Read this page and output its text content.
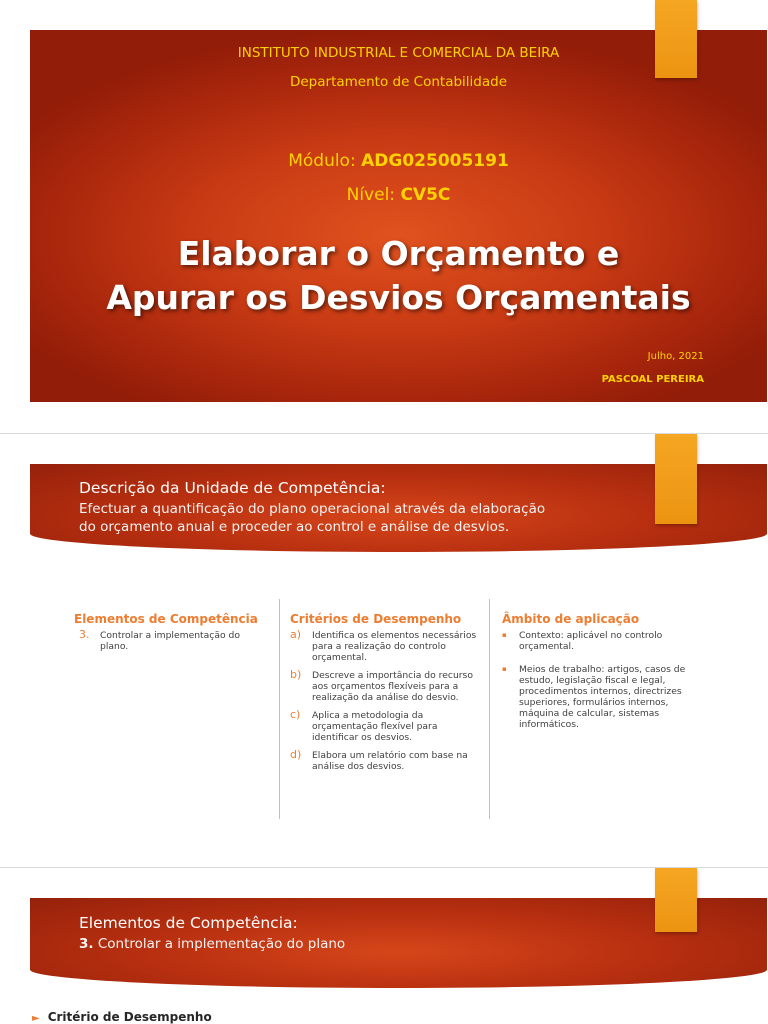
INSTITUTO INDUSTRIAL E COMERCIAL DA BEIRA
Departamento de Contabilidade
Módulo: ADG025005191
Nível: CV5C
Elaborar o Orçamento e
Apurar os Desvios Orçamentais
Julho, 2021
PASCOAL PEREIRA
Descrição da Unidade de Competência:
Efectuar a quantificação do plano operacional através da elaboração
do orçamento anual e proceder ao control e análise de desvios.
Elementos de Competência
3. Controlar a implementação do plano.
Critérios de Desempenho
a) Identifica os elementos necessários para a realização do controlo orçamental.
b) Descreve a importância do recurso aos orçamentos flexíveis para a realização da análise do desvio.
c) Aplica a metodologia da orçamentação flexível para identificar os desvios.
d) Elabora um relatório com base na análise dos desvios.
Âmbito de aplicação
▪ Contexto: aplicável no controlo orçamental.
▪ Meios de trabalho: artigos, casos de estudo, legislação fiscal e legal, procedimentos internos, directrizes superiores, formulários internos, máquina de calcular, sistemas informáticos.
Elementos de Competência:
3. Controlar a implementação do plano
► Critério de Desempenho
